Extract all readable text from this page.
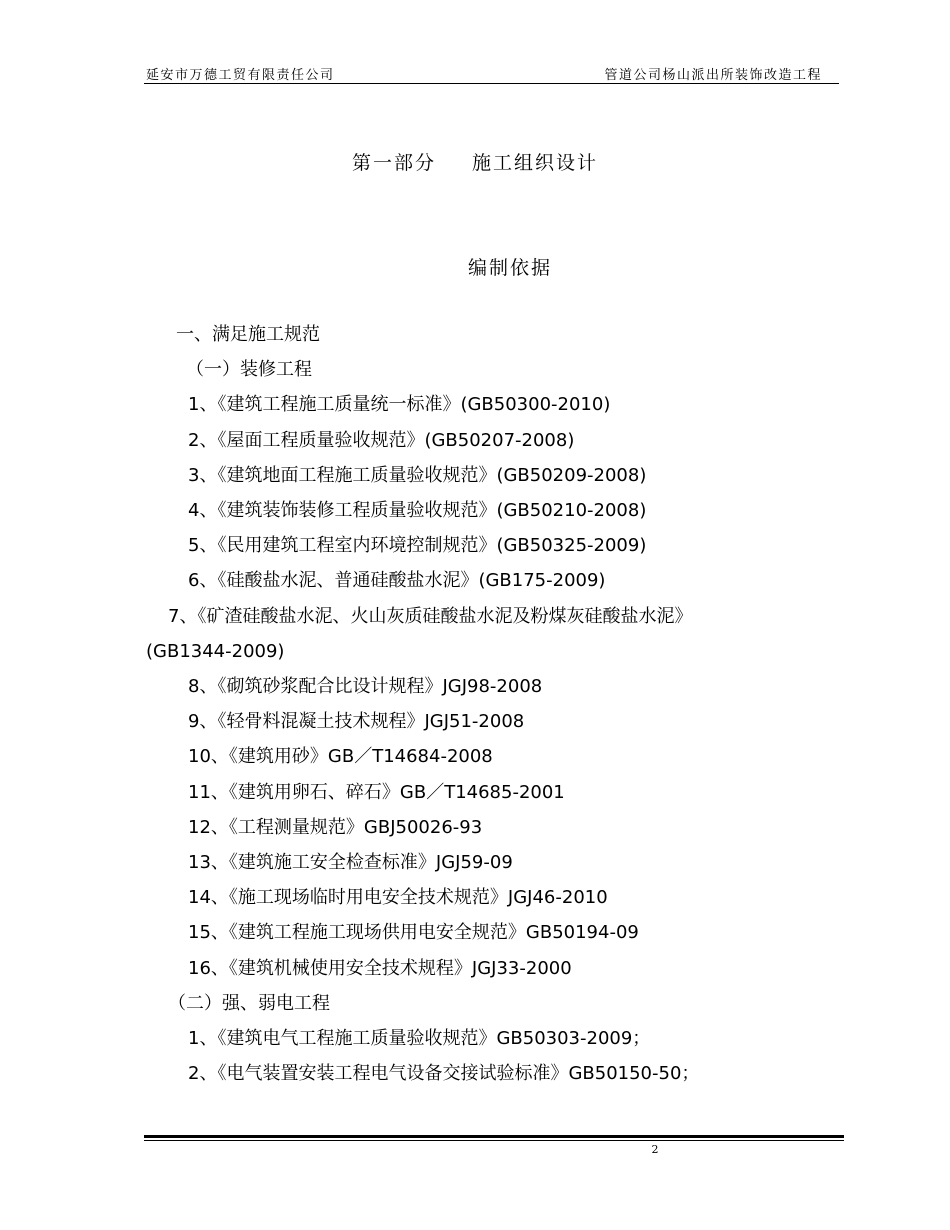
延安市万德工贸有限责任公司	管道公司杨山派出所装饰改造工程
第一部分 施工组织设计
编制依据
一、满足施工规范
（一）装修工程
1、《建筑工程施工质量统一标准》(GB50300-2010)
2、《屋面工程质量验收规范》(GB50207-2008)
3、《建筑地面工程施工质量验收规范》(GB50209-2008)
4、《建筑装饰装修工程质量验收规范》(GB50210-2008)
5、《民用建筑工程室内环境控制规范》(GB50325-2009)
6、《硅酸盐水泥、普通硅酸盐水泥》(GB175-2009)
7、《矿渣硅酸盐水泥、火山灰质硅酸盐水泥及粉煤灰硅酸盐水泥》
(GB1344-2009)
8、《砌筑砂浆配合比设计规程》JGJ98-2008
9、《轻骨料混凝土技术规程》JGJ51-2008
10、《建筑用砂》GB／T14684-2008
11、《建筑用卵石、碎石》GB／T14685-2001
12、《工程测量规范》GBJ50026-93
13、《建筑施工安全检查标准》JGJ59-09
14、《施工现场临时用电安全技术规范》JGJ46-2010
15、《建筑工程施工现场供用电安全规范》GB50194-09
16、《建筑机械使用安全技术规程》JGJ33-2000
（二）强、弱电工程
1、《建筑电气工程施工质量验收规范》GB50303-2009；
2、《电气装置安装工程电气设备交接试验标准》GB50150-50；
2
